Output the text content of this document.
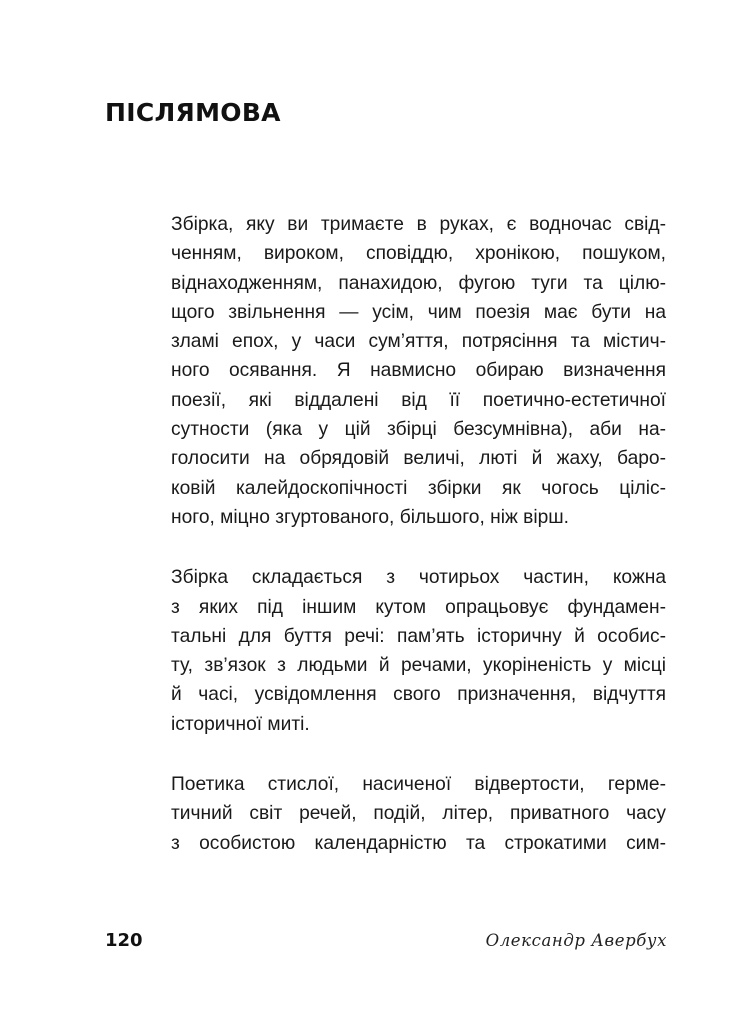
ПІСЛЯМОВА

Збірка, яку ви тримаєте в руках, є водночас свід-
ченням, вироком, сповіддю, хронікою, пошуком,
віднаходженням, панахидою, фугою туги та цілю-
щого звільнення — усім, чим поезія має бути на
зламі епох, у часи сум’яття, потрясіння та містич-
ного осявання. Я навмисно обираю визначення
поезії, які віддалені від її поетично-естетичної
сутности (яка у цій збірці безсумнівна), аби на-
голосити на обрядовій величі, люті й жаху, баро-
ковій калейдоскопічності збірки як чогось цiліс-
ного, міцно згуртованого, більшого, ніж вірш.

Збірка складається з чотирьох частин, кожна
з яких під іншим кутом опрацьовує фундамен-
тальні для буття речі: пам’ять історичну й особис-
ту, зв’язок з людьми й речами, укоріненість у місці
й часі, усвідомлення свого призначення, відчуття
історичної миті.

Поетика стислої, насиченої відвертости, герме-
тичний світ речей, подій, літер, приватного часу
з особистою календарністю та строкатими сим-

120	Олександр Авербух
